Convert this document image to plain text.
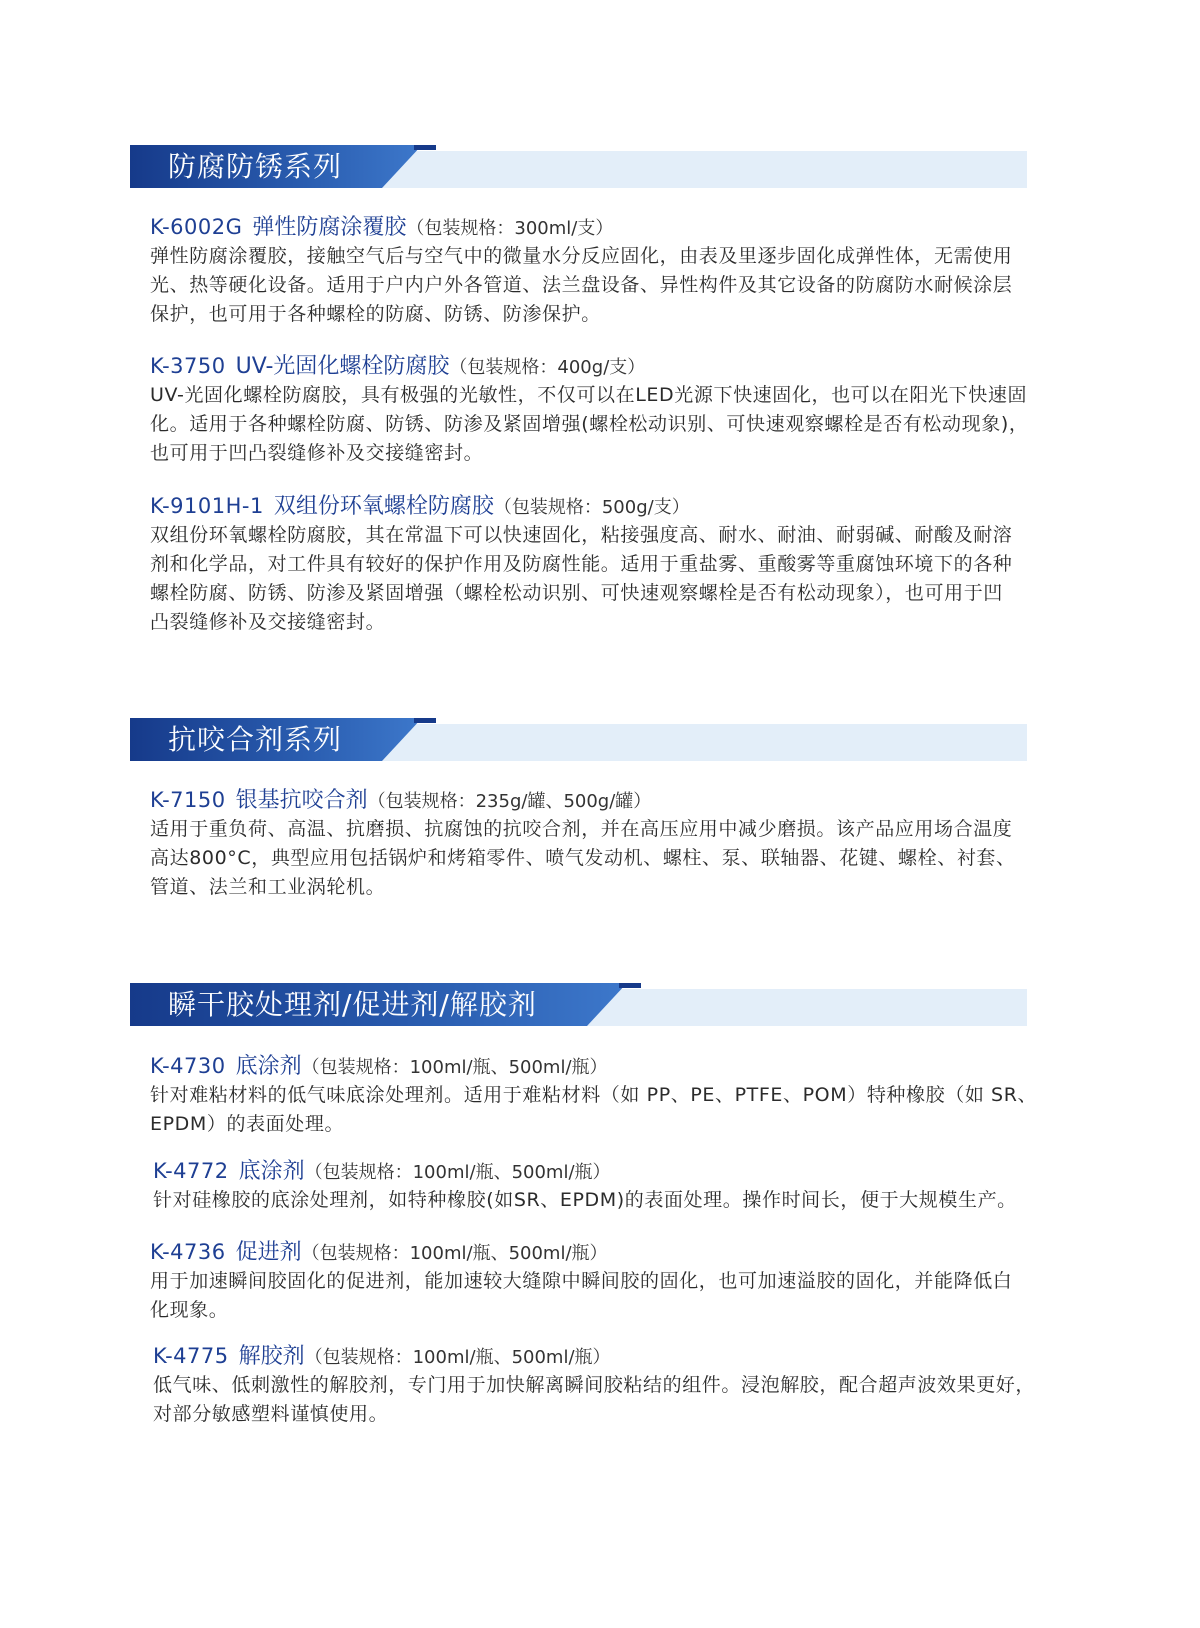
防腐防锈系列
K-6002G 弹性防腐涂覆胶（包装规格：300ml/支）
弹性防腐涂覆胶，接触空气后与空气中的微量水分反应固化，由表及里逐步固化成弹性体，无需使用
光、热等硬化设备。适用于户内户外各管道、法兰盘设备、异性构件及其它设备的防腐防水耐候涂层
保护，也可用于各种螺栓的防腐、防锈、防渗保护。
K-3750 UV-光固化螺栓防腐胶（包装规格：400g/支）
UV-光固化螺栓防腐胶，具有极强的光敏性，不仅可以在LED光源下快速固化，也可以在阳光下快速固
化。适用于各种螺栓防腐、防锈、防渗及紧固增强(螺栓松动识别、可快速观察螺栓是否有松动现象)，
也可用于凹凸裂缝修补及交接缝密封。
K-9101H-1 双组份环氧螺栓防腐胶（包装规格：500g/支）
双组份环氧螺栓防腐胶，其在常温下可以快速固化，粘接强度高、耐水、耐油、耐弱碱、耐酸及耐溶
剂和化学品，对工件具有较好的保护作用及防腐性能。适用于重盐雾、重酸雾等重腐蚀环境下的各种
螺栓防腐、防锈、防渗及紧固增强（螺栓松动识别、可快速观察螺栓是否有松动现象），也可用于凹
凸裂缝修补及交接缝密封。
抗咬合剂系列
K-7150 银基抗咬合剂（包装规格：235g/罐、500g/罐）
适用于重负荷、高温、抗磨损、抗腐蚀的抗咬合剂，并在高压应用中减少磨损。该产品应用场合温度
高达800°C，典型应用包括锅炉和烤箱零件、喷气发动机、螺柱、泵、联轴器、花键、螺栓、衬套、
管道、法兰和工业涡轮机。
瞬干胶处理剂/促进剂/解胶剂
K-4730 底涂剂（包装规格：100ml/瓶、500ml/瓶）
针对难粘材料的低气味底涂处理剂。适用于难粘材料（如 PP、PE、PTFE、POM）特种橡胶（如 SR、
EPDM）的表面处理。
K-4772 底涂剂（包装规格：100ml/瓶、500ml/瓶）
针对硅橡胶的底涂处理剂，如特种橡胶(如SR、EPDM)的表面处理。操作时间长，便于大规模生产。
K-4736 促进剂（包装规格：100ml/瓶、500ml/瓶）
用于加速瞬间胶固化的促进剂，能加速较大缝隙中瞬间胶的固化，也可加速溢胶的固化，并能降低白
化现象。
K-4775 解胶剂（包装规格：100ml/瓶、500ml/瓶）
低气味、低刺激性的解胶剂，专门用于加快解离瞬间胶粘结的组件。浸泡解胶，配合超声波效果更好，
对部分敏感塑料谨慎使用。
